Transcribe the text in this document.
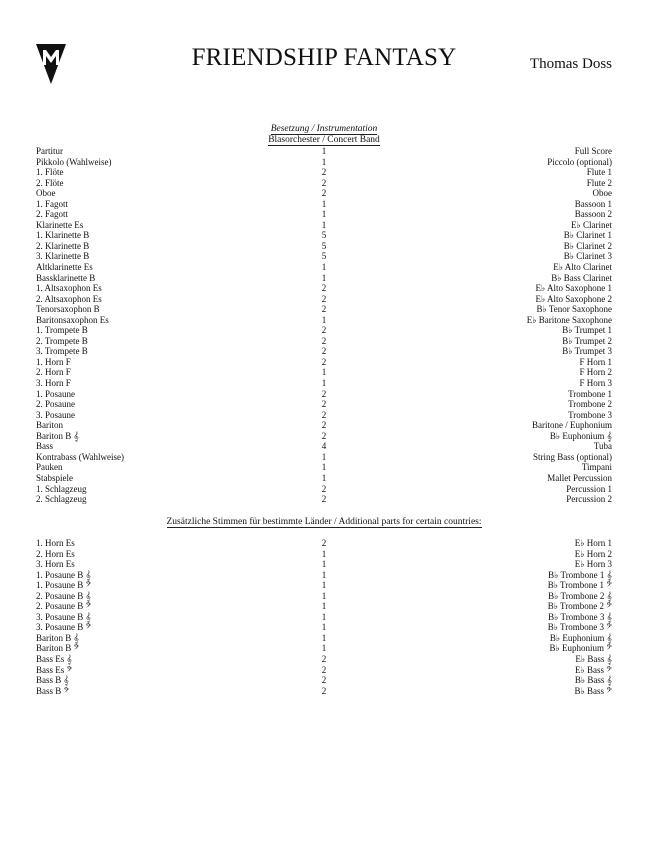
FRIENDSHIP FANTASY	Thomas Doss
Besetzung / Instrumentation
Blasorchester / Concert Band
Partitur	1	Full Score
Pikkolo (Wahlweise)	1	Piccolo (optional)
1. Flöte	2	Flute 1
2. Flöte	2	Flute 2
Oboe	2	Oboe
1. Fagott	1	Bassoon 1
2. Fagott	1	Bassoon 2
Klarinette Es	1	E♭ Clarinet
1. Klarinette B	5	B♭ Clarinet 1
2. Klarinette B	5	B♭ Clarinet 2
3. Klarinette B	5	B♭ Clarinet 3
Altklarinette Es	1	E♭ Alto Clarinet
Bassklarinette B	1	B♭ Bass Clarinet
1. Altsaxophon Es	2	E♭ Alto Saxophone 1
2. Altsaxophon Es	2	E♭ Alto Saxophone 2
Tenorsaxophon B	2	B♭ Tenor Saxophone
Baritonsaxophon Es	1	E♭ Baritone Saxophone
1. Trompete B	2	B♭ Trumpet 1
2. Trompete B	2	B♭ Trumpet 2
3. Trompete B	2	B♭ Trumpet 3
1. Horn F	2	F Horn 1
2. Horn F	1	F Horn 2
3. Horn F	1	F Horn 3
1. Posaune	2	Trombone 1
2. Posaune	2	Trombone 2
3. Posaune	2	Trombone 3
Bariton	2	Baritone / Euphonium
Bariton B 𝄞	2	B♭ Euphonium 𝄞
Bass	4	Tuba
Kontrabass (Wahlweise)	1	String Bass (optional)
Pauken	1	Timpani
Stabspiele	1	Mallet Percussion
1. Schlagzeug	2	Percussion 1
2. Schlagzeug	2	Percussion 2
Zusätzliche Stimmen für bestimmte Länder / Additional parts for certain countries:
1. Horn Es	2	E♭ Horn 1
2. Horn Es	1	E♭ Horn 2
3. Horn Es	1	E♭ Horn 3
1. Posaune B 𝄞	1	B♭ Trombone 1 𝄞
1. Posaune B 𝄢	1	B♭ Trombone 1 𝄢
2. Posaune B 𝄞	1	B♭ Trombone 2 𝄞
2. Posaune B 𝄢	1	B♭ Trombone 2 𝄢
3. Posaune B 𝄞	1	B♭ Trombone 3 𝄞
3. Posaune B 𝄢	1	B♭ Trombone 3 𝄢
Bariton B 𝄞	1	B♭ Euphonium 𝄞
Bariton B 𝄢	1	B♭ Euphonium 𝄢
Bass Es 𝄞	2	E♭ Bass 𝄞
Bass Es 𝄢	2	E♭ Bass 𝄢
Bass B 𝄞	2	B♭ Bass 𝄞
Bass B 𝄢	2	B♭ Bass 𝄢
